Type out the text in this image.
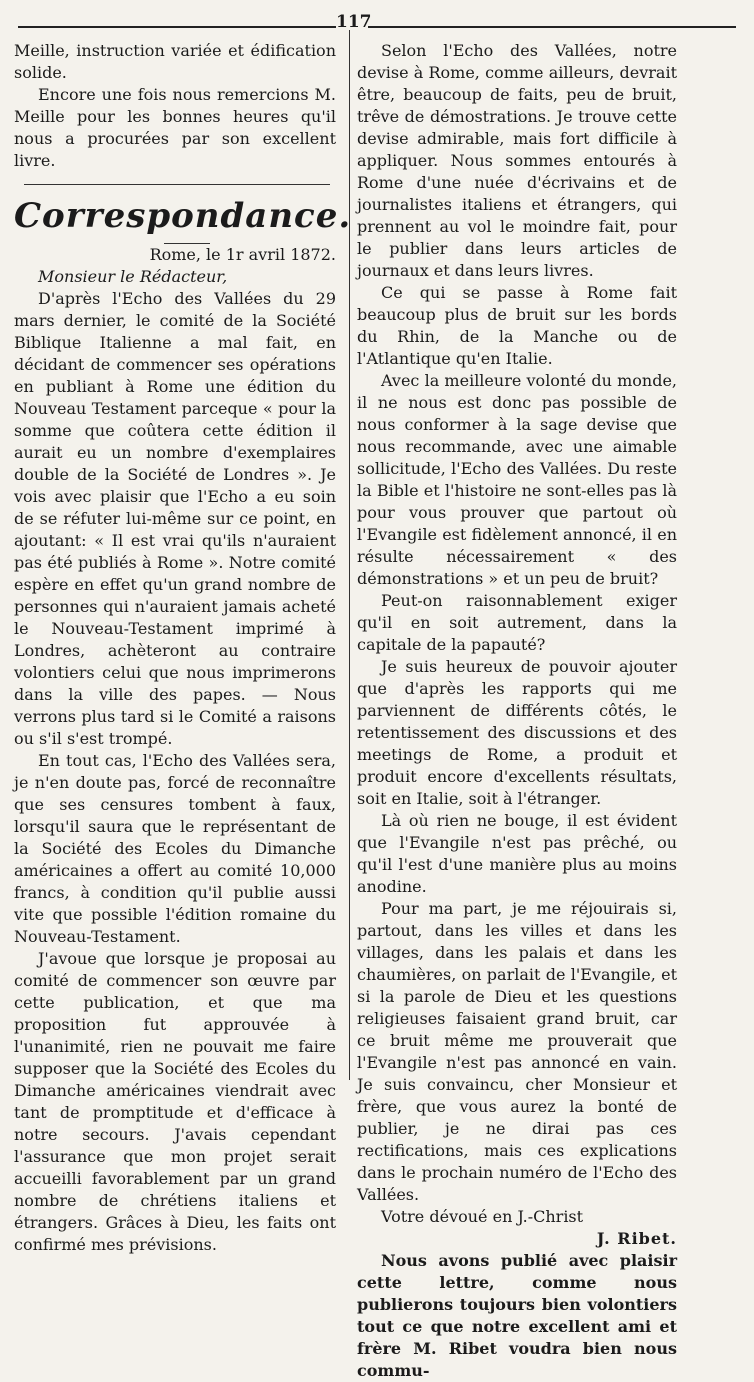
117

Meille, instruction variée et édification solide.

Encore une fois nous remercions M. Meille pour les bonnes heures qu'il nous a procurées par son excellent livre.

Correspondance.

Rome, le 1r avril 1872.

Monsieur le Rédacteur,

D'après l'Echo des Vallées du 29 mars dernier, le comité de la Société Biblique Italienne a mal fait, en décidant de commencer ses opérations en publiant à Rome une édition du Nouveau Testament parceque « pour la somme que coûtera cette édition il aurait eu un nombre d'exemplaires double de la Société de Londres ». Je vois avec plaisir que l'Echo a eu soin de se réfuter lui-même sur ce point, en ajoutant: « Il est vrai qu'ils n'auraient pas été publiés à Rome ». Notre comité espère en effet qu'un grand nombre de personnes qui n'auraient jamais acheté le Nouveau-Testament imprimé à Londres, achèteront au contraire volontiers celui que nous imprimerons dans la ville des papes. — Nous verrons plus tard si le Comité a raisons ou s'il s'est trompé.

En tout cas, l'Echo des Vallées sera, je n'en doute pas, forcé de reconnaître que ses censures tombent à faux, lorsqu'il saura que le représentant de la Société des Ecoles du Dimanche américaines a offert au comité 10,000 francs, à condition qu'il publie aussi vite que possible l'édition romaine du Nouveau-Testament.

J'avoue que lorsque je proposai au comité de commencer son œuvre par cette publication, et que ma proposition fut approuvée à l'unanimité, rien ne pouvait me faire supposer que la Société des Ecoles du Dimanche américaines viendrait avec tant de promptitude et d'efficace à notre secours. J'avais cependant l'assurance que mon projet serait accueilli favorablement par un grand nombre de chrétiens italiens et étrangers. Grâces à Dieu, les faits ont confirmé mes prévisions.

Selon l'Echo des Vallées, notre devise à Rome, comme ailleurs, devrait être, beaucoup de faits, peu de bruit, trêve de démostrations. Je trouve cette devise admirable, mais fort difficile à appliquer. Nous sommes entourés à Rome d'une nuée d'écrivains et de journalistes italiens et étrangers, qui prennent au vol le moindre fait, pour le publier dans leurs articles de journaux et dans leurs livres.

Ce qui se passe à Rome fait beaucoup plus de bruit sur les bords du Rhin, de la Manche ou de l'Atlantique qu'en Italie.

Avec la meilleure volonté du monde, il ne nous est donc pas possible de nous conformer à la sage devise que nous recommande, avec une aimable sollicitude, l'Echo des Vallées. Du reste la Bible et l'histoire ne sont-elles pas là pour vous prouver que partout où l'Evangile est fidèlement annoncé, il en résulte nécessairement « des démonstrations » et un peu de bruit?

Peut-on raisonnablement exiger qu'il en soit autrement, dans la capitale de la papauté?

Je suis heureux de pouvoir ajouter que d'après les rapports qui me parviennent de différents côtés, le retentissement des discussions et des meetings de Rome, a produit et produit encore d'excellents résultats, soit en Italie, soit à l'étranger.

Là où rien ne bouge, il est évident que l'Evangile n'est pas prêché, ou qu'il l'est d'une manière plus au moins anodine.

Pour ma part, je me réjouirais si, partout, dans les villes et dans les villages, dans les palais et dans les chaumières, on parlait de l'Evangile, et si la parole de Dieu et les questions religieuses faisaient grand bruit, car ce bruit même me prouverait que l'Evangile n'est pas annoncé en vain. Je suis convaincu, cher Monsieur et frère, que vous aurez la bonté de publier, je ne dirai pas ces rectifications, mais ces explications dans le prochain numéro de l'Echo des Vallées.

Votre dévoué en J.-Christ

J. Ribet.

Nous avons publié avec plaisir cette lettre, comme nous publierons toujours bien volontiers tout ce que notre excellent ami et frère M. Ribet voudra bien nous commu-
